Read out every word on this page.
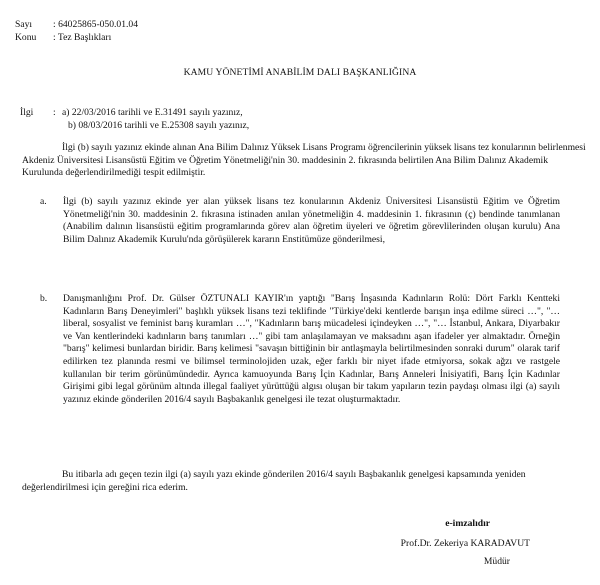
Sayı : 64025865-050.01.04
Konu : Tez Başlıkları
KAMU YÖNETİMİ ANABİLİM DALI BAŞKANLIĞINA
İlgi : a) 22/03/2016 tarihli ve E.31491 sayılı yazınız,
b) 08/03/2016 tarihli ve E.25308 sayılı yazınız,

İlgi (b) sayılı yazınız ekinde alınan Ana Bilim Dalınız Yüksek Lisans Programı öğrencilerinin yüksek lisans tez konularının belirlenmesi Akdeniz Üniversitesi Lisansüstü Eğitim ve Öğretim Yönetmeliği'nin 30. maddesinin 2. fıkrasında belirtilen Ana Bilim Dalınız Akademik Kurulunda değerlendirilmediği tespit edilmiştir.

a. İlgi (b) sayılı yazınız ekinde yer alan yüksek lisans tez konularının Akdeniz Üniversitesi Lisansüstü Eğitim ve Öğretim Yönetmeliği'nin 30. maddesinin 2. fıkrasına istinaden anılan yönetmeliğin 4. maddesinin 1. fıkrasının (ç) bendinde tanımlanan (Anabilim dalının lisansüstü eğitim programlarında görev alan öğretim üyeleri ve öğretim görevlilerinden oluşan kurulu) Ana Bilim Dalınız Akademik Kurulu'nda görüşülerek kararın Enstitümüze gönderilmesi,

b. Danışmanlığını Prof. Dr. Gülser ÖZTUNALI KAYIR'ın yaptığı "Barış İnşasında Kadınların Rolü: Dört Farklı Kentteki Kadınların Barış Deneyimleri" başlıklı yüksek lisans tezi teklifinde "Türkiye'deki kentlerde barışın inşa edilme süreci …", "… liberal, sosyalist ve feminist barış kuramları …", "Kadınların barış mücadelesi içindeyken …", "… İstanbul, Ankara, Diyarbakır ve Van kentlerindeki kadınların barış tanımları …" gibi tam anlaşılamayan ve maksadını aşan ifadeler yer almaktadır. Örneğin "barış" kelimesi bunlardan biridir. Barış kelimesi "savaşın bittiğinin bir antlaşmayla belirtilmesinden sonraki durum" olarak tarif edilirken tez planında resmi ve bilimsel terminolojiden uzak, eğer farklı bir niyet ifade etmiyorsa, sokak ağzı ve rastgele kullanılan bir terim görünümündedir. Ayrıca kamuoyunda Barış İçin Kadınlar, Barış Anneleri İnisiyatifi, Barış İçin Kadınlar Girişimi gibi legal görünüm altında illegal faaliyet yürüttüğü algısı oluşan bir takım yapıların tezin paydaşı olması ilgi (a) sayılı yazınız ekinde gönderilen 2016/4 sayılı Başbakanlık genelgesi ile tezat oluşturmaktadır.

Bu itibarla adı geçen tezin ilgi (a) sayılı yazı ekinde gönderilen 2016/4 sayılı Başbakanlık genelgesi kapsamında yeniden değerlendirilmesi için gereğini rica ederim.

e-imzalıdır
Prof.Dr. Zekeriya KARADAVUT
Müdür
